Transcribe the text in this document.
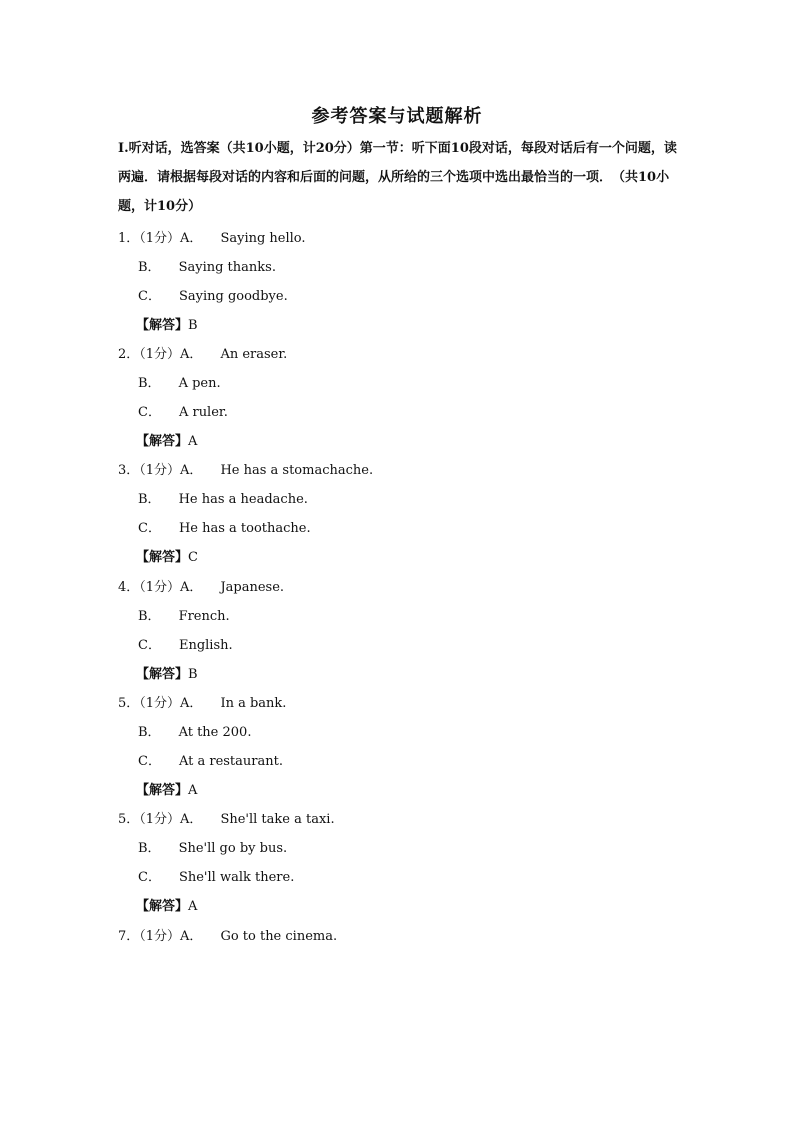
参考答案与试题解析
I.听对话，选答案（共10小题，计20分）第一节：听下面10段对话，每段对话后有一个问题，读两遍．请根据每段对话的内容和后面的问题，从所给的三个选项中选出最恰当的一项．　（共10小题，计10分）
1．（1分）A． Saying hello.
B． Saying thanks.
C． Saying goodbye.
【解答】B
2．（1分）A． An eraser.
B． A pen.
C． A ruler.
【解答】A
3．（1分）A． He has a stomachache.
B． He has a headache.
C． He has a toothache.
【解答】C
4．（1分）A． Japanese.
B． French.
C． English.
【解答】B
5．（1分）A． In a bank.
B． At the 200.
C． At a restaurant.
【解答】A
5．（1分）A． She'll take a taxi.
B． She'll go by bus.
C． She'll walk there.
【解答】A
7．（1分）A． Go to the cinema.
